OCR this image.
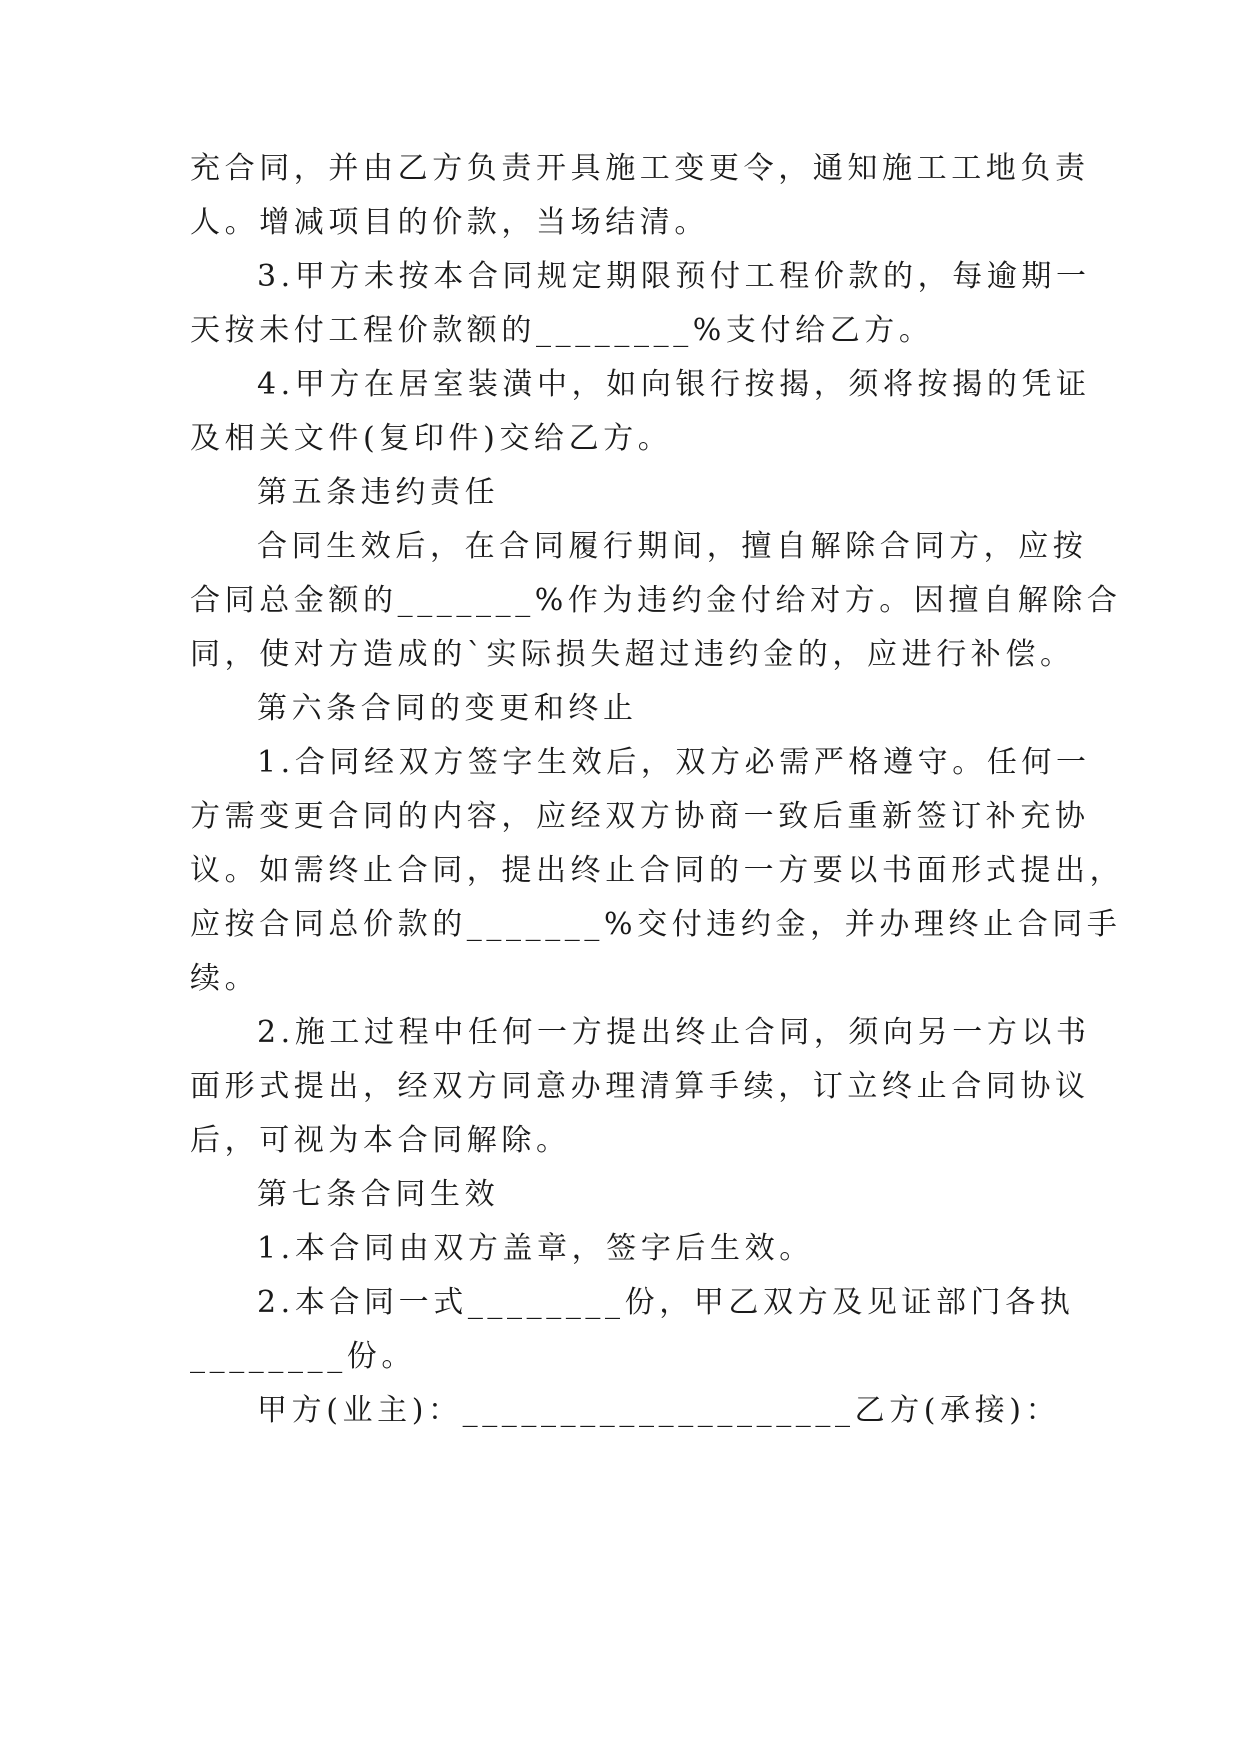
充合同，并由乙方负责开具施工变更令，通知施工工地负责
人。增减项目的价款，当场结清。
3.甲方未按本合同规定期限预付工程价款的，每逾期一
天按未付工程价款额的________%支付给乙方。
4.甲方在居室装潢中，如向银行按揭，须将按揭的凭证
及相关文件(复印件)交给乙方。
第五条违约责任
合同生效后，在合同履行期间，擅自解除合同方，应按
合同总金额的_______%作为违约金付给对方。因擅自解除合
同，使对方造成的`实际损失超过违约金的，应进行补偿。
第六条合同的变更和终止
1.合同经双方签字生效后，双方必需严格遵守。任何一
方需变更合同的内容，应经双方协商一致后重新签订补充协
议。如需终止合同，提出终止合同的一方要以书面形式提出，
应按合同总价款的_______%交付违约金，并办理终止合同手
续。
2.施工过程中任何一方提出终止合同，须向另一方以书
面形式提出，经双方同意办理清算手续，订立终止合同协议
后，可视为本合同解除。
第七条合同生效
1.本合同由双方盖章，签字后生效。
2.本合同一式________份，甲乙双方及见证部门各执
________份。
甲方(业主)：____________________乙方(承接)：
